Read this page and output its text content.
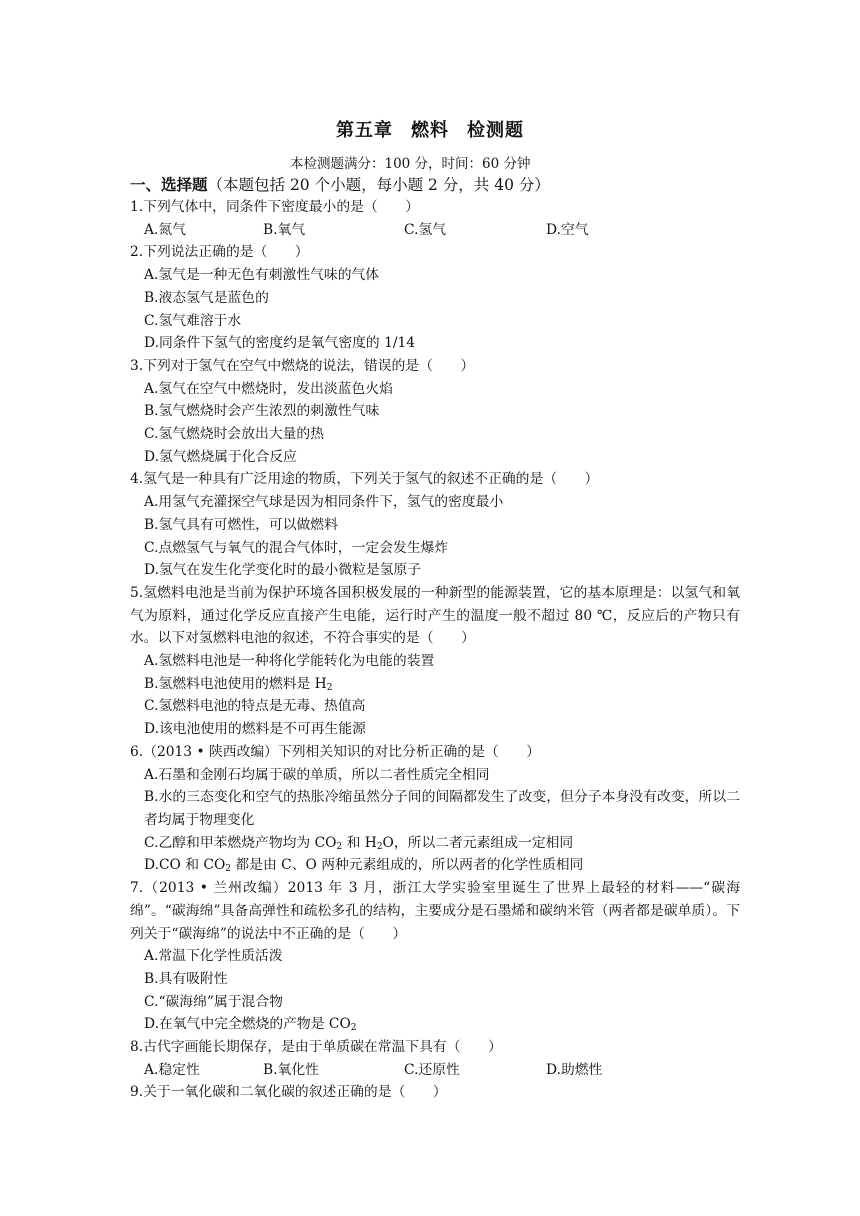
第五章 燃料 检测题
本检测题满分：100 分，时间：60 分钟
一、选择题（本题包括 20 个小题，每小题 2 分，共 40 分）
1.下列气体中，同条件下密度最小的是（　　）
A.氮气	B.氧气	C.氢气	D.空气
2.下列说法正确的是（　　）
A.氢气是一种无色有刺激性气味的气体
B.液态氢气是蓝色的
C.氢气难溶于水
D.同条件下氢气的密度约是氧气密度的 1/14
3.下列对于氢气在空气中燃烧的说法，错误的是（　　）
A.氢气在空气中燃烧时，发出淡蓝色火焰
B.氢气燃烧时会产生浓烈的刺激性气味
C.氢气燃烧时会放出大量的热
D.氢气燃烧属于化合反应
4.氢气是一种具有广泛用途的物质，下列关于氢气的叙述不正确的是（　　）
A.用氢气充灌探空气球是因为相同条件下，氢气的密度最小
B.氢气具有可燃性，可以做燃料
C.点燃氢气与氧气的混合气体时，一定会发生爆炸
D.氢气在发生化学变化时的最小微粒是氢原子
5.氢燃料电池是当前为保护环境各国积极发展的一种新型的能源装置，它的基本原理是：以氢气和氧气为原料，通过化学反应直接产生电能，运行时产生的温度一般不超过 80 ℃，反应后的产物只有水。以下对氢燃料电池的叙述，不符合事实的是（　　）
A.氢燃料电池是一种将化学能转化为电能的装置
B.氢燃料电池使用的燃料是 $H_2$
C.氢燃料电池的特点是无毒、热值高
D.该电池使用的燃料是不可再生能源
6.（2013 • 陕西改编）下列相关知识的对比分析正确的是（　　）
A.石墨和金刚石均属于碳的单质，所以二者性质完全相同
B.水的三态变化和空气的热胀冷缩虽然分子间的间隔都发生了改变，但分子本身没有改变，所以二者均属于物理变化
C.乙醇和甲苯燃烧产物均为 $CO_2$ 和 $H_2O$，所以二者元素组成一定相同
D.CO 和 $CO_2$ 都是由 C、O 两种元素组成的，所以两者的化学性质相同
7.（2013 • 兰州改编）2013 年 3 月，浙江大学实验室里诞生了世界上最轻的材料——“碳海绵”。“碳海绵”具备高弹性和疏松多孔的结构，主要成分是石墨烯和碳纳米管（两者都是碳单质）。下列关于“碳海绵”的说法中不正确的是（　　）
A.常温下化学性质活泼
B.具有吸附性
C.“碳海绵”属于混合物
D.在氧气中完全燃烧的产物是 $CO_2$
8.古代字画能长期保存，是由于单质碳在常温下具有（　　）
A.稳定性	B.氧化性	C.还原性	D.助燃性
9.关于一氧化碳和二氧化碳的叙述正确的是（　　）
